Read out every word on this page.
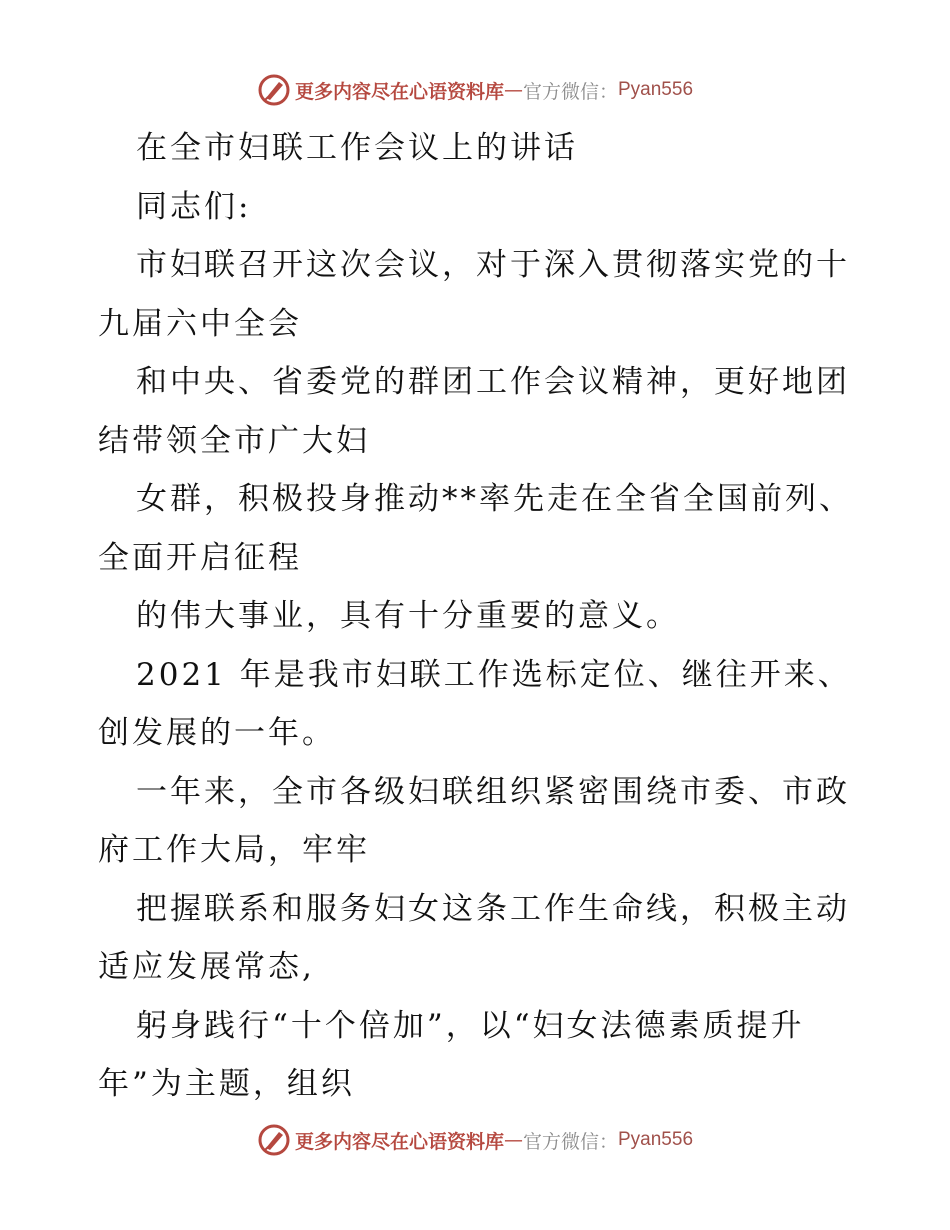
更多内容尽在心语资料库 — 官方微信： Pyan556

在全市妇联工作会议上的讲话

同志们:

市妇联召开这次会议，对于深入贯彻落实党的十九届六中全会

和中央、省委党的群团工作会议精神，更好地团结带领全市广大妇

女群，积极投身推动**率先走在全省全国前列、全面开启征程

的伟大事业，具有十分重要的意义。

2021 年是我市妇联工作选标定位、继往开来、创发展的一年。

一年来，全市各级妇联组织紧密围绕市委、市政府工作大局，牢牢

把握联系和服务妇女这条工作生命线，积极主动适应发展常态,

躬身践行“十个倍加”，以“妇女法德素质提升年”为主题，组织

更多内容尽在心语资料库 — 官方微信： Pyan556
